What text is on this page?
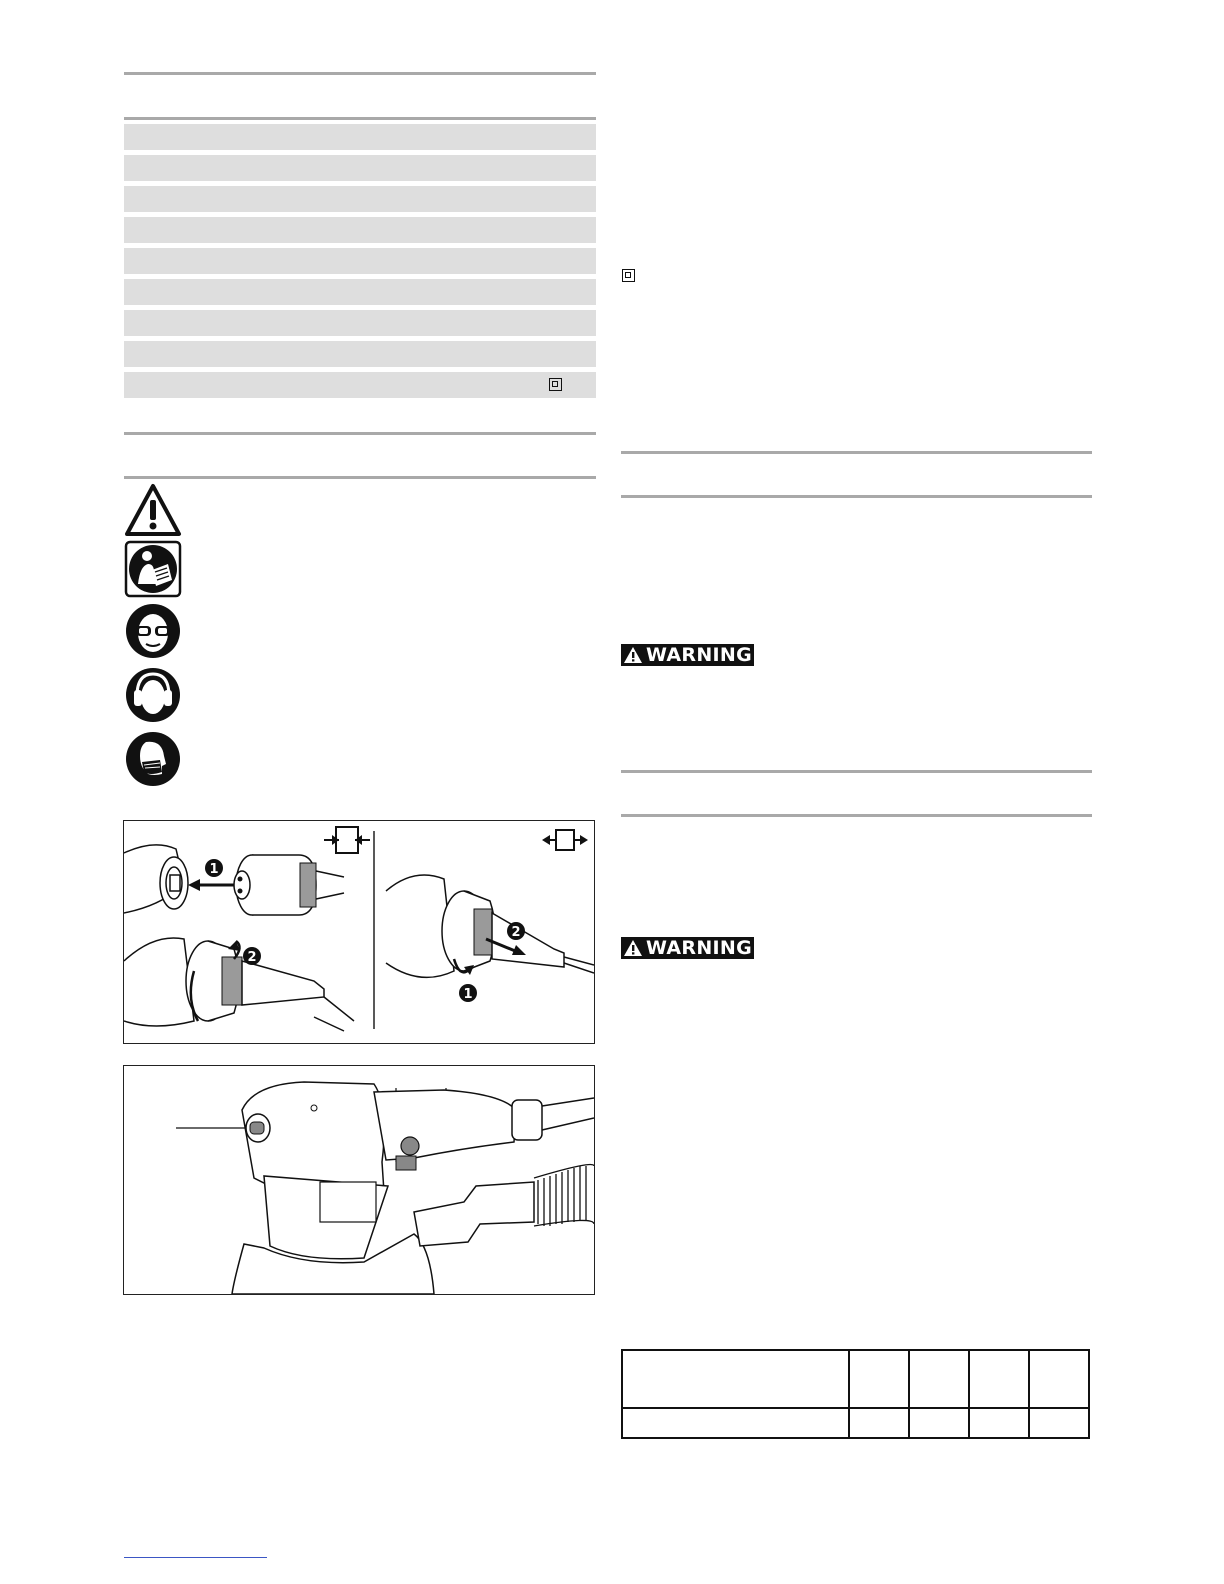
1
2
2
1
WARNING
WARNING
